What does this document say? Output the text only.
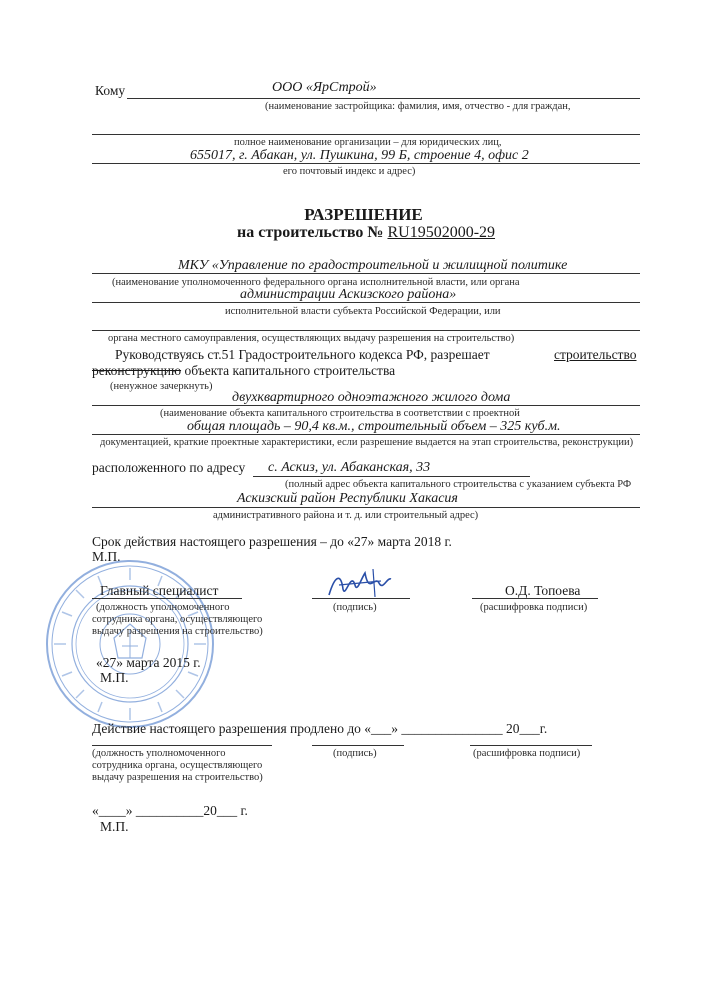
Кому	ООО «ЯрСтрой»
(наименование застройщика: фамилия, имя, отчество - для граждан,
полное наименование организации – для юридических лиц,
655017, г. Абакан, ул. Пушкина, 99 Б, строение 4, офис 2
его почтовый индекс и адрес)
РАЗРЕШЕНИЕ
на строительство № RU19502000-29
МКУ «Управление по градостроительной и жилищной политике
(наименование уполномоченного федерального органа исполнительной власти, или органа
администрации Аскизского района»
исполнительной власти субъекта Российской Федерации, или
органа местного самоуправления, осуществляющих выдачу разрешения на строительство)
Руководствуясь ст.51 Градостроительного кодекса РФ, разрешает	строительство
реконструкцию объекта капитального строительства
(ненужное зачеркнуть)
двухквартирного одноэтажного жилого дома
(наименование объекта капитального строительства в соответствии с проектной
общая площадь – 90,4 кв.м., строительный объем – 325 куб.м.
документацией, краткие проектные характеристики, если разрешение выдается на этап строительства, реконструкции)
расположенного по адресу с. Аскиз, ул. Абаканская, 33
(полный адрес объекта капитального строительства с указанием субъекта РФ
Аскизский район Республики Хакасия
административного района и т. д. или строительный адрес)
Срок действия настоящего разрешения – до «27» марта 2018 г.
М.П.
Главный специалист
(должность уполномоченного
сотрудника органа, осуществляющего
выдачу разрешения на строительство)
(подпись)
О.Д. Топоева
(расшифровка подписи)
«27» марта 2015 г.
М.П.
Действие настоящего разрешения продлено до «___» _______________ 20___г.
(должность уполномоченного
сотрудника органа, осуществляющего
выдачу разрешения на строительство)
(подпись)	(расшифровка подписи)
«____» __________20___ г.
М.П.
